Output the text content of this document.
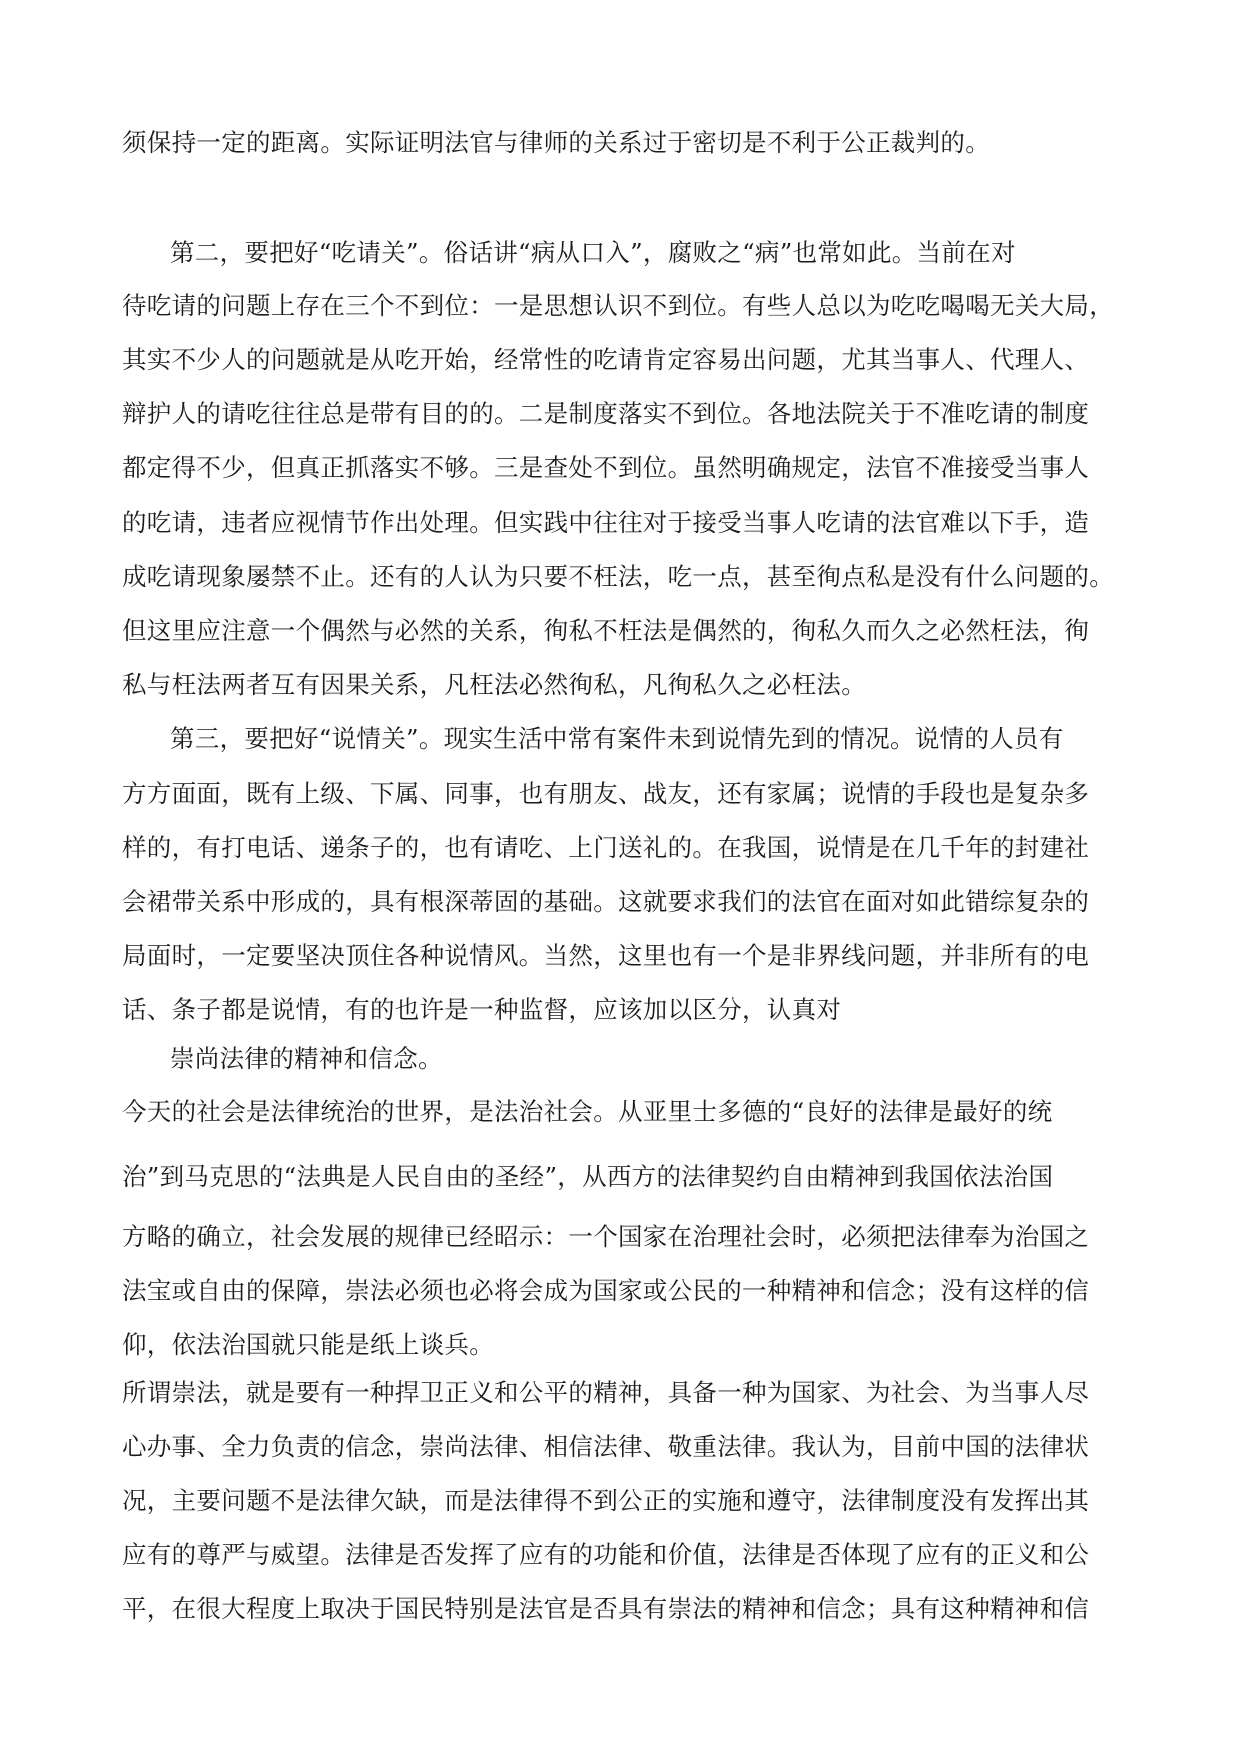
须保持一定的距离。实际证明法官与律师的关系过于密切是不利于公正裁判的。

第二，要把好“吃请关”。俗话讲“病从口入”，腐败之“病”也常如此。当前在对

待吃请的问题上存在三个不到位：一是思想认识不到位。有些人总以为吃吃喝喝无关大局，

其实不少人的问题就是从吃开始，经常性的吃请肯定容易出问题，尤其当事人、代理人、

辩护人的请吃往往总是带有目的的。二是制度落实不到位。各地法院关于不准吃请的制度

都定得不少，但真正抓落实不够。三是查处不到位。虽然明确规定，法官不准接受当事人

的吃请，违者应视情节作出处理。但实践中往往对于接受当事人吃请的法官难以下手，造

成吃请现象屡禁不止。还有的人认为只要不枉法，吃一点，甚至徇点私是没有什么问题的。

但这里应注意一个偶然与必然的关系，徇私不枉法是偶然的，徇私久而久之必然枉法，徇

私与枉法两者互有因果关系，凡枉法必然徇私，凡徇私久之必枉法。

第三，要把好“说情关”。现实生活中常有案件未到说情先到的情况。说情的人员有

方方面面，既有上级、下属、同事，也有朋友、战友，还有家属；说情的手段也是复杂多

样的，有打电话、递条子的，也有请吃、上门送礼的。在我国，说情是在几千年的封建社

会裙带关系中形成的，具有根深蒂固的基础。这就要求我们的法官在面对如此错综复杂的

局面时，一定要坚决顶住各种说情风。当然，这里也有一个是非界线问题，并非所有的电

话、条子都是说情，有的也许是一种监督，应该加以区分，认真对

崇尚法律的精神和信念。

今天的社会是法律统治的世界，是法治社会。从亚里士多德的“良好的法律是最好的统

治”到马克思的“法典是人民自由的圣经”，从西方的法律契约自由精神到我国依法治国

方略的确立，社会发展的规律已经昭示：一个国家在治理社会时，必须把法律奉为治国之

法宝或自由的保障，崇法必须也必将会成为国家或公民的一种精神和信念；没有这样的信

仰，依法治国就只能是纸上谈兵。

所谓崇法，就是要有一种捍卫正义和公平的精神，具备一种为国家、为社会、为当事人尽

心办事、全力负责的信念，崇尚法律、相信法律、敬重法律。我认为，目前中国的法律状

况，主要问题不是法律欠缺，而是法律得不到公正的实施和遵守，法律制度没有发挥出其

应有的尊严与威望。法律是否发挥了应有的功能和价值，法律是否体现了应有的正义和公

平，在很大程度上取决于国民特别是法官是否具有崇法的精神和信念；具有这种精神和信
